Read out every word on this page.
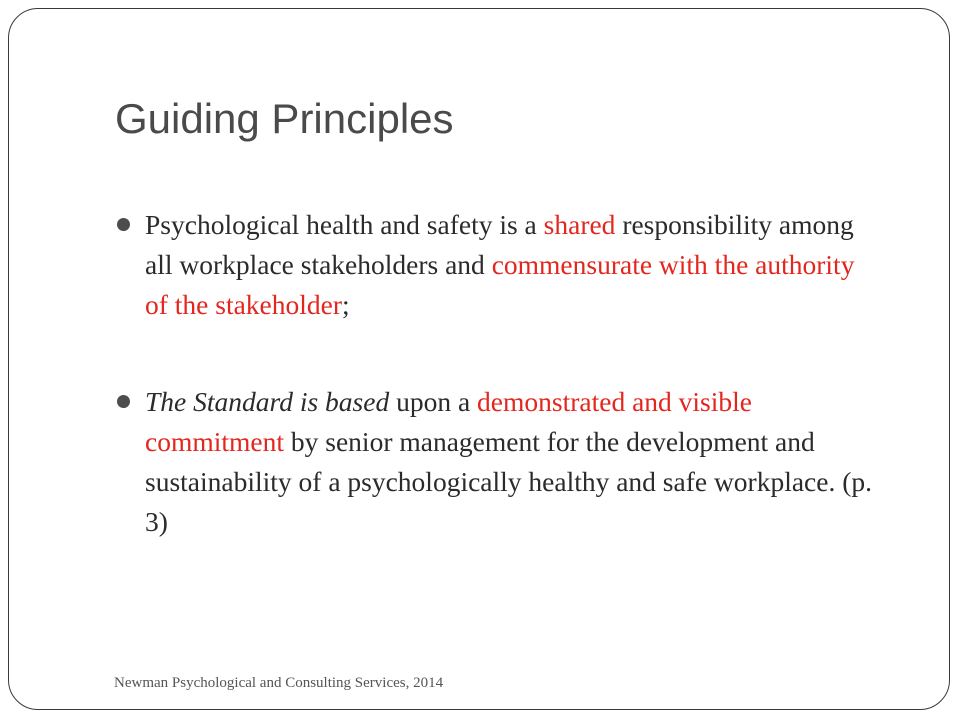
Guiding Principles
Psychological health and safety is a shared responsibility among all workplace stakeholders and commensurate with the authority of the stakeholder;
The Standard is based upon a demonstrated and visible commitment by senior management for the development and sustainability of a psychologically healthy and safe workplace. (p. 3)
Newman Psychological and Consulting Services, 2014
